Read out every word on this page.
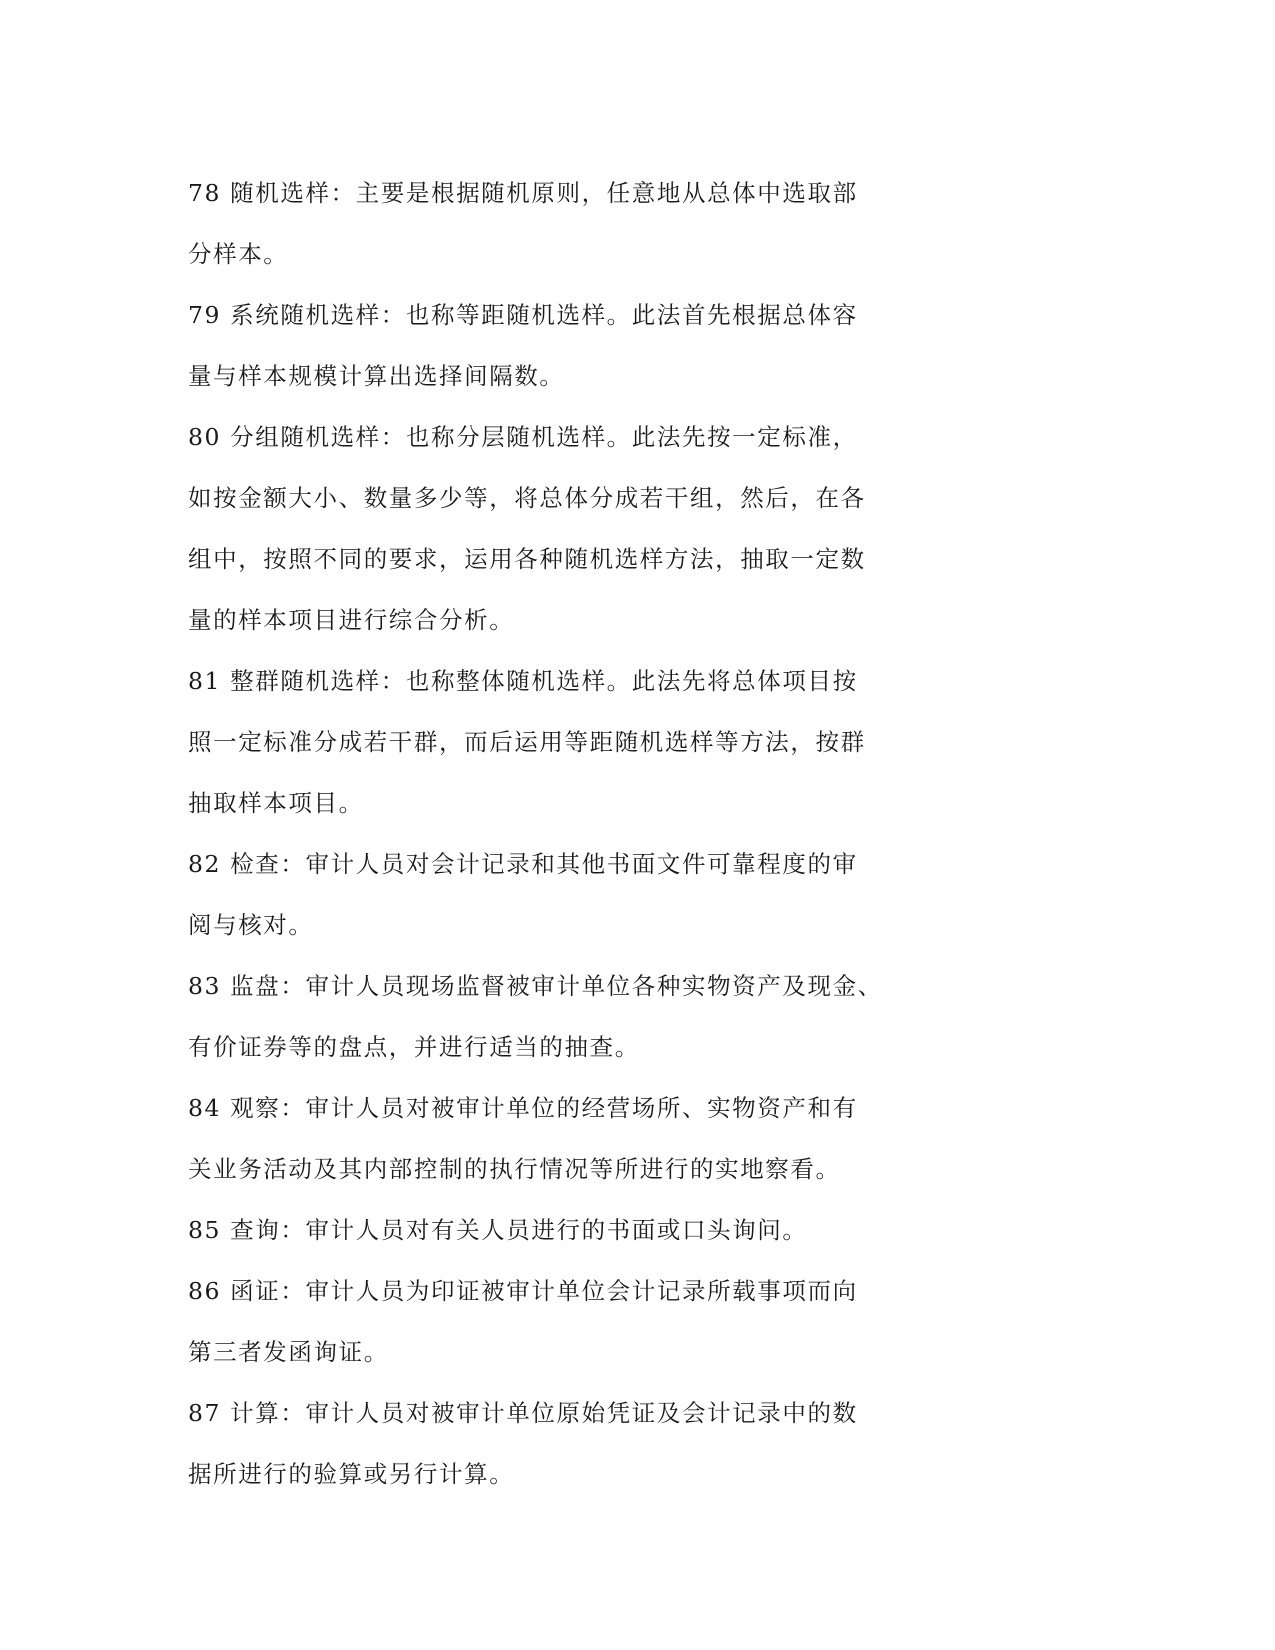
78 随机选样：主要是根据随机原则，任意地从总体中选取部
分样本。
79 系统随机选样：也称等距随机选样。此法首先根据总体容
量与样本规模计算出选择间隔数。
80 分组随机选样：也称分层随机选样。此法先按一定标准，
如按金额大小、数量多少等，将总体分成若干组，然后，在各
组中，按照不同的要求，运用各种随机选样方法，抽取一定数
量的样本项目进行综合分析。
81 整群随机选样：也称整体随机选样。此法先将总体项目按
照一定标准分成若干群，而后运用等距随机选样等方法，按群
抽取样本项目。
82 检查：审计人员对会计记录和其他书面文件可靠程度的审
阅与核对。
83 监盘：审计人员现场监督被审计单位各种实物资产及现金、
有价证券等的盘点，并进行适当的抽查。
84 观察：审计人员对被审计单位的经营场所、实物资产和有
关业务活动及其内部控制的执行情况等所进行的实地察看。
85 查询：审计人员对有关人员进行的书面或口头询问。
86 函证：审计人员为印证被审计单位会计记录所载事项而向
第三者发函询证。
87 计算：审计人员对被审计单位原始凭证及会计记录中的数
据所进行的验算或另行计算。
